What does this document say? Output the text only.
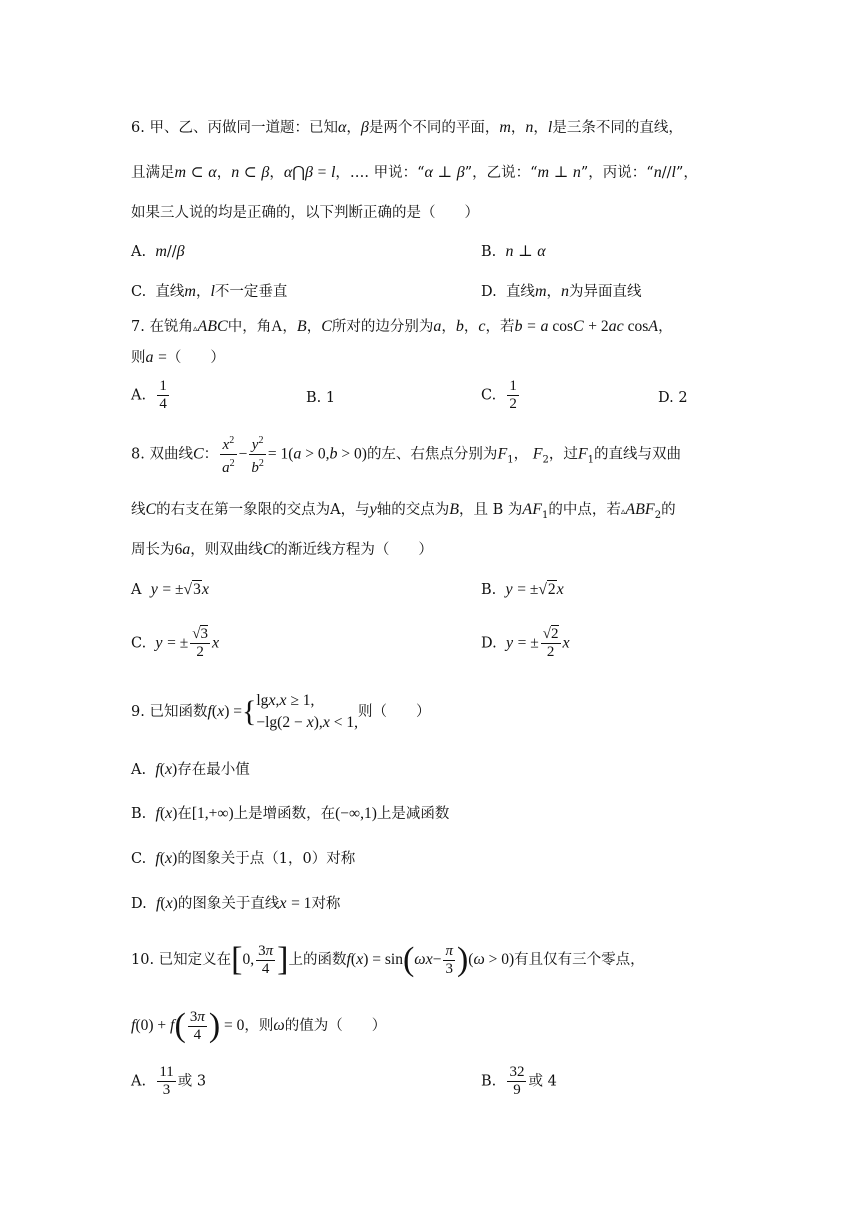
6. 甲、乙、丙做同一道题：已知α，β是两个不同的平面，m，n，l是三条不同的直线，
且满足m ⊂ α，n ⊂ β，α⋂β = l，…. 甲说：“α ⊥ β”，乙说：“m ⊥ n”，丙说：“n//l”，
如果三人说的均是正确的，以下判断正确的是（　　）
A. m//β	B. n ⊥ α
C. 直线m，l不一定垂直	D. 直线m，n为异面直线
7. 在锐角▵ABC中，角A，B，C所对的边分别为a，b，c，若b = a cosC + 2ac cosA，
则a =（　　）
A. $\frac{1}{4}$	B. 1	C. $\frac{1}{2}$	D. 2
8. 双曲线C： $\frac{x^2}{a^2} - \frac{y^2}{b^2} = 1(a > 0,b > 0)$的左、右焦点分别为$F_1$， $F_2$，过$F_1$的直线与双曲
线C的右支在第一象限的交点为A，与y轴的交点为B，且 B 为$AF_1$的中点，若$▵ABF_2$的
周长为6a，则双曲线C的渐近线方程为（　　）
A y = ±√3x	B. y = ±√2x
C. y = ± $\frac{√3}{2}$ x	D. y = ± $\frac{√2}{2}$ x
9. 已知函数f(x) ={ lgx,x ≥ 1,
−lg(2 − x),x < 1,
则（　　）
A. f(x)存在最小值
B. f(x)在[1,+∞)上是增函数，在(−∞,1)上是减函数
C. f(x)的图象关于点（1，0）对称
D. f(x)的图象关于直线x = 1对称
10. 已知定义在[0, $\frac{3\pi}{4}$ ]上的函数$f(x) = \sin(\omega x- \frac{\pi}{3} )(\omega > 0)$有且仅有三个零点，
$f(0) + f( \frac{3\pi}{4}$ ) = 0，则ω的值为（　　）
A. $\frac{11}{3}$ 或 3	B. $\frac{32}{9}$ 或 4
